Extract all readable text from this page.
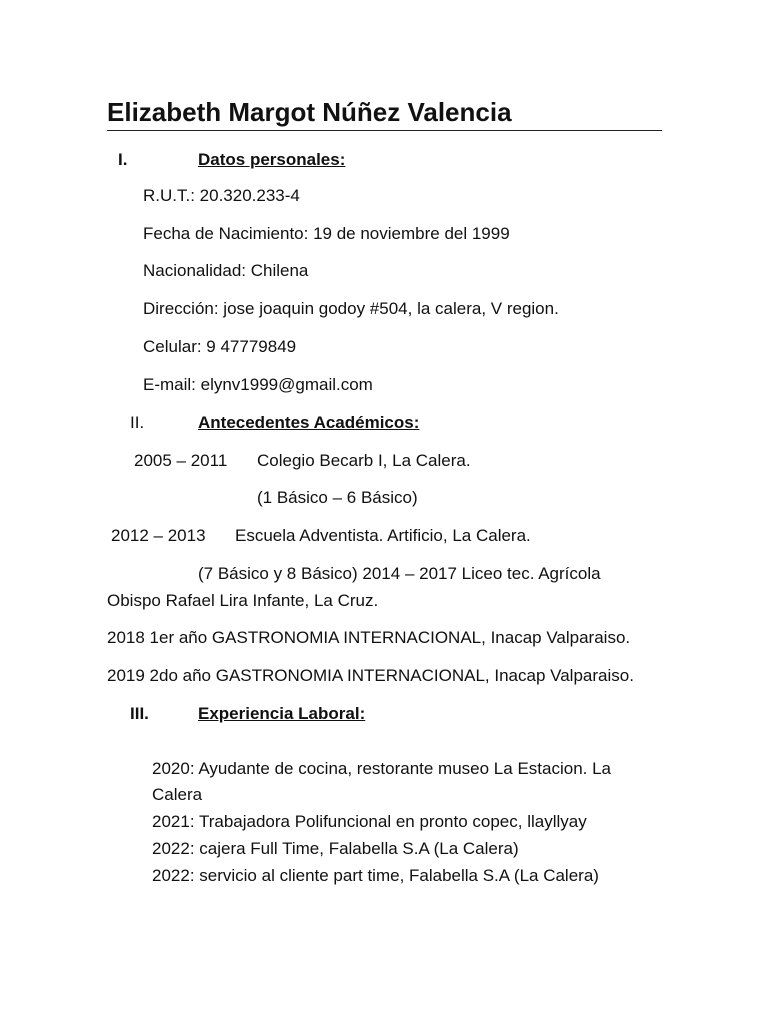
Elizabeth Margot Núñez Valencia
I.	Datos personales:
R.U.T.: 20.320.233-4
Fecha de Nacimiento: 19 de noviembre del 1999
Nacionalidad: Chilena
Dirección: jose joaquin godoy #504, la calera, V region.
Celular: 9 47779849
E-mail: elynv1999@gmail.com
II.	Antecedentes Académicos:
2005 – 2011 Colegio Becarb I, La Calera.
(1 Básico – 6 Básico)
2012 – 2013 Escuela Adventista. Artificio, La Calera.
(7 Básico y 8 Básico) 2014 – 2017 Liceo tec. Agrícola
Obispo Rafael Lira Infante, La Cruz.
2018 1er año GASTRONOMIA INTERNACIONAL, Inacap Valparaiso.
2019 2do año GASTRONOMIA INTERNACIONAL, Inacap Valparaiso.
III.	Experiencia Laboral:
2020: Ayudante de cocina, restorante museo La Estacion. La
Calera
2021: Trabajadora Polifuncional en pronto copec, llayllyay
2022: cajera Full Time, Falabella S.A (La Calera)
2022: servicio al cliente part time, Falabella S.A (La Calera)
